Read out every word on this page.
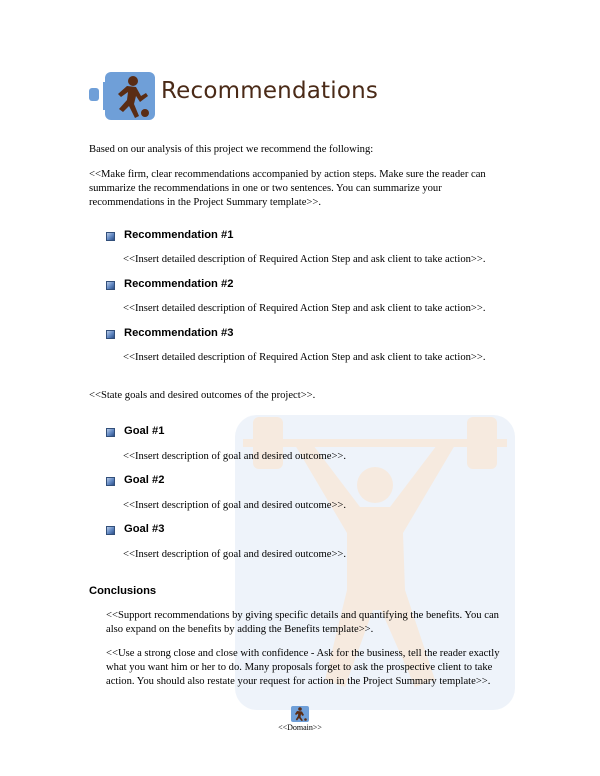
Recommendations
Based on our analysis of this project we recommend the following:
<<Make firm, clear recommendations accompanied by action steps. Make sure the reader can
summarize the recommendations in one or two sentences. You can summarize your
recommendations in the Project Summary template>>.
Recommendation #1
<<Insert detailed description of Required Action Step and ask client to take action>>.
Recommendation #2
<<Insert detailed description of Required Action Step and ask client to take action>>.
Recommendation #3
<<Insert detailed description of Required Action Step and ask client to take action>>.
<<State goals and desired outcomes of the project>>.
Goal #1
<<Insert description of goal and desired outcome>>.
Goal #2
<<Insert description of goal and desired outcome>>.
Goal #3
<<Insert description of goal and desired outcome>>.
Conclusions
<<Support recommendations by giving specific details and quantifying the benefits. You can
also expand on the benefits by adding the Benefits template>>.
<<Use a strong close and close with confidence - Ask for the business, tell the reader exactly
what you want him or her to do. Many proposals forget to ask the prospective client to take
action. You should also restate your request for action in the Project Summary template>>.
<<Domain>>
